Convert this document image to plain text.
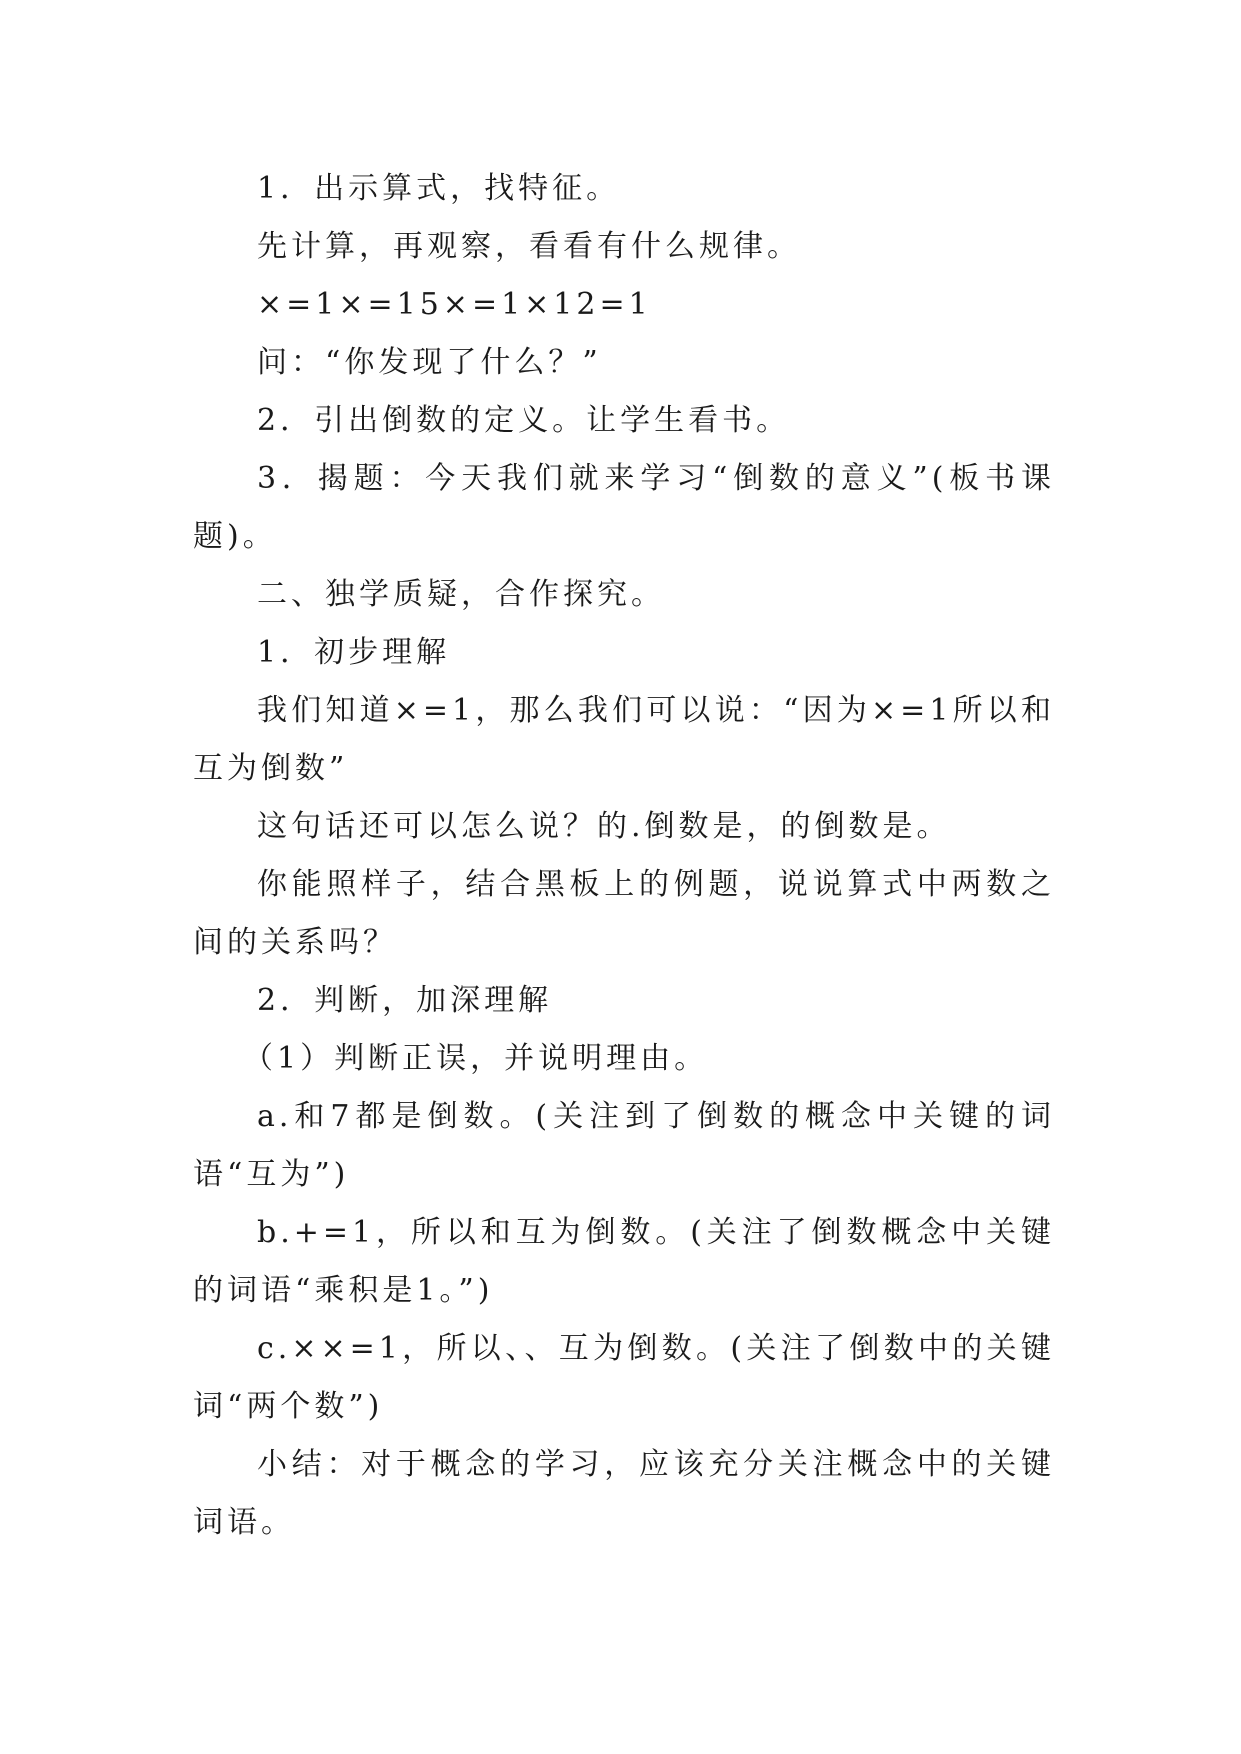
1．出示算式，找特征。

先计算，再观察，看看有什么规律。

×=1×=15×=1×12=1

问：“你发现了什么？”

2．引出倒数的定义。让学生看书。

3．揭题：今天我们就来学习“倒数的意义”(板书课题)。

二、独学质疑，合作探究。

1．初步理解

我们知道×=1，那么我们可以说：“因为×=1所以和互为倒数”

这句话还可以怎么说？的.倒数是，的倒数是。

你能照样子，结合黑板上的例题，说说算式中两数之间的关系吗？

2．判断，加深理解

（1）判断正误，并说明理由。

a.和7都是倒数。(关注到了倒数的概念中关键的词语“互为”)

b.+=1，所以和互为倒数。(关注了倒数概念中关键的词语“乘积是1。”)

c.××=1，所以、、互为倒数。(关注了倒数中的关键词“两个数”)

小结：对于概念的学习，应该充分关注概念中的关键词语。
